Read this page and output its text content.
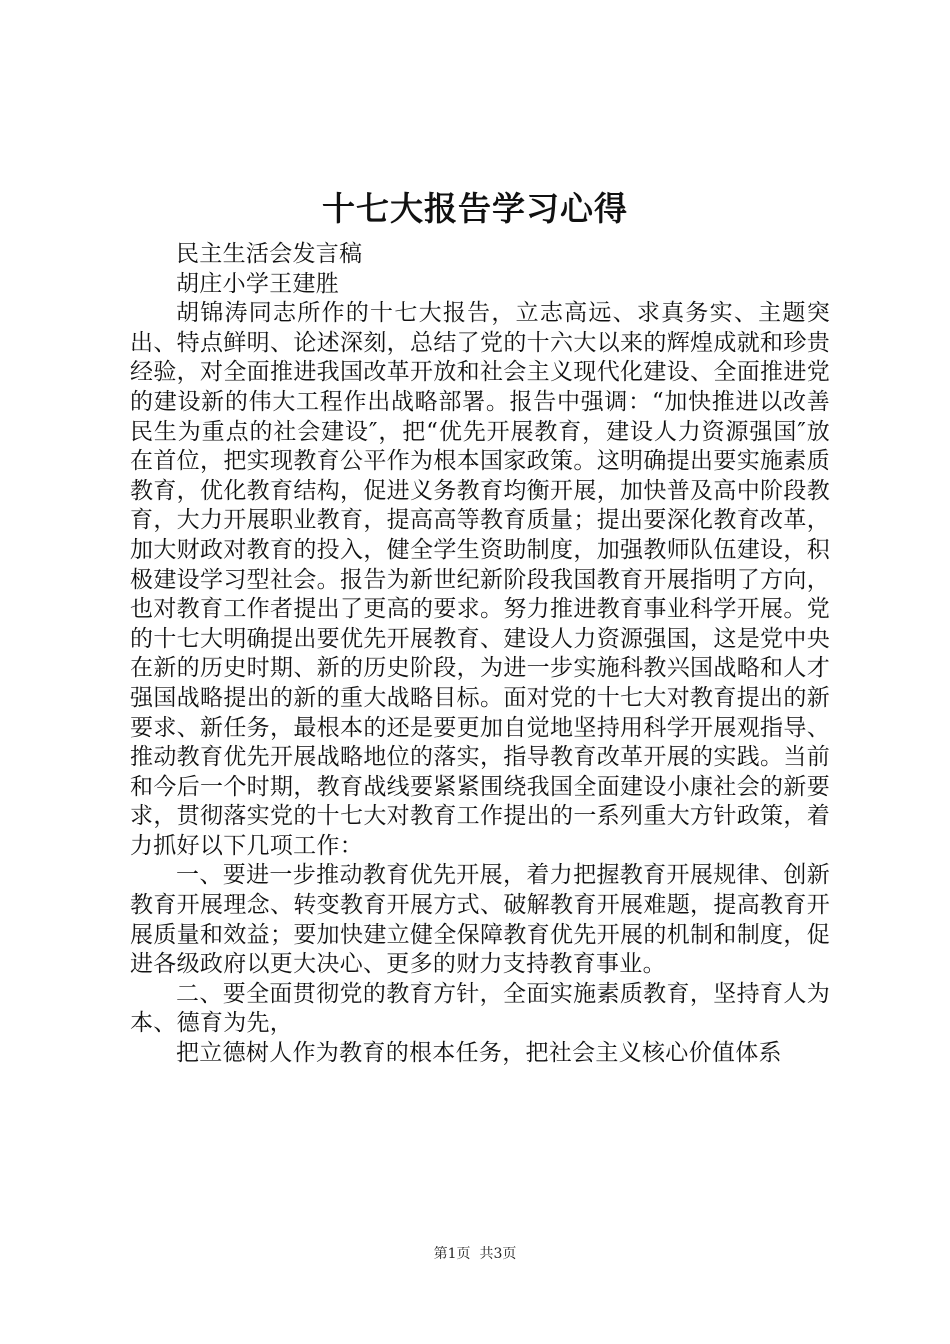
十七大报告学习心得

民主生活会发言稿

胡庄小学王建胜

胡锦涛同志所作的十七大报告，立志高远、求真务实、主题突出、特点鲜明、论述深刻，总结了党的十六大以来的辉煌成就和珍贵经验，对全面推进我国改革开放和社会主义现代化建设、全面推进党的建设新的伟大工程作出战略部署。报告中强调：“加快推进以改善民生为重点的社会建设″，把“优先开展教育，建设人力资源强国″放在首位，把实现教育公平作为根本国家政策。这明确提出要实施素质教育，优化教育结构，促进义务教育均衡开展，加快普及高中阶段教育，大力开展职业教育，提高高等教育质量；提出要深化教育改革，加大财政对教育的投入，健全学生资助制度，加强教师队伍建设，积极建设学习型社会。报告为新世纪新阶段我国教育开展指明了方向，也对教育工作者提出了更高的要求。努力推进教育事业科学开展。党的十七大明确提出要优先开展教育、建设人力资源强国，这是党中央在新的历史时期、新的历史阶段，为进一步实施科教兴国战略和人才强国战略提出的新的重大战略目标。面对党的十七大对教育提出的新要求、新任务，最根本的还是要更加自觉地坚持用科学开展观指导、推动教育优先开展战略地位的落实，指导教育改革开展的实践。当前和今后一个时期，教育战线要紧紧围绕我国全面建设小康社会的新要求，贯彻落实党的十七大对教育工作提出的一系列重大方针政策，着力抓好以下几项工作：

一、要进一步推动教育优先开展，着力把握教育开展规律、创新教育开展理念、转变教育开展方式、破解教育开展难题，提高教育开展质量和效益；要加快建立健全保障教育优先开展的机制和制度，促进各级政府以更大决心、更多的财力支持教育事业。

二、要全面贯彻党的教育方针，全面实施素质教育，坚持育人为本、德育为先，

把立德树人作为教育的根本任务，把社会主义核心价值体系

第1页 共3页
